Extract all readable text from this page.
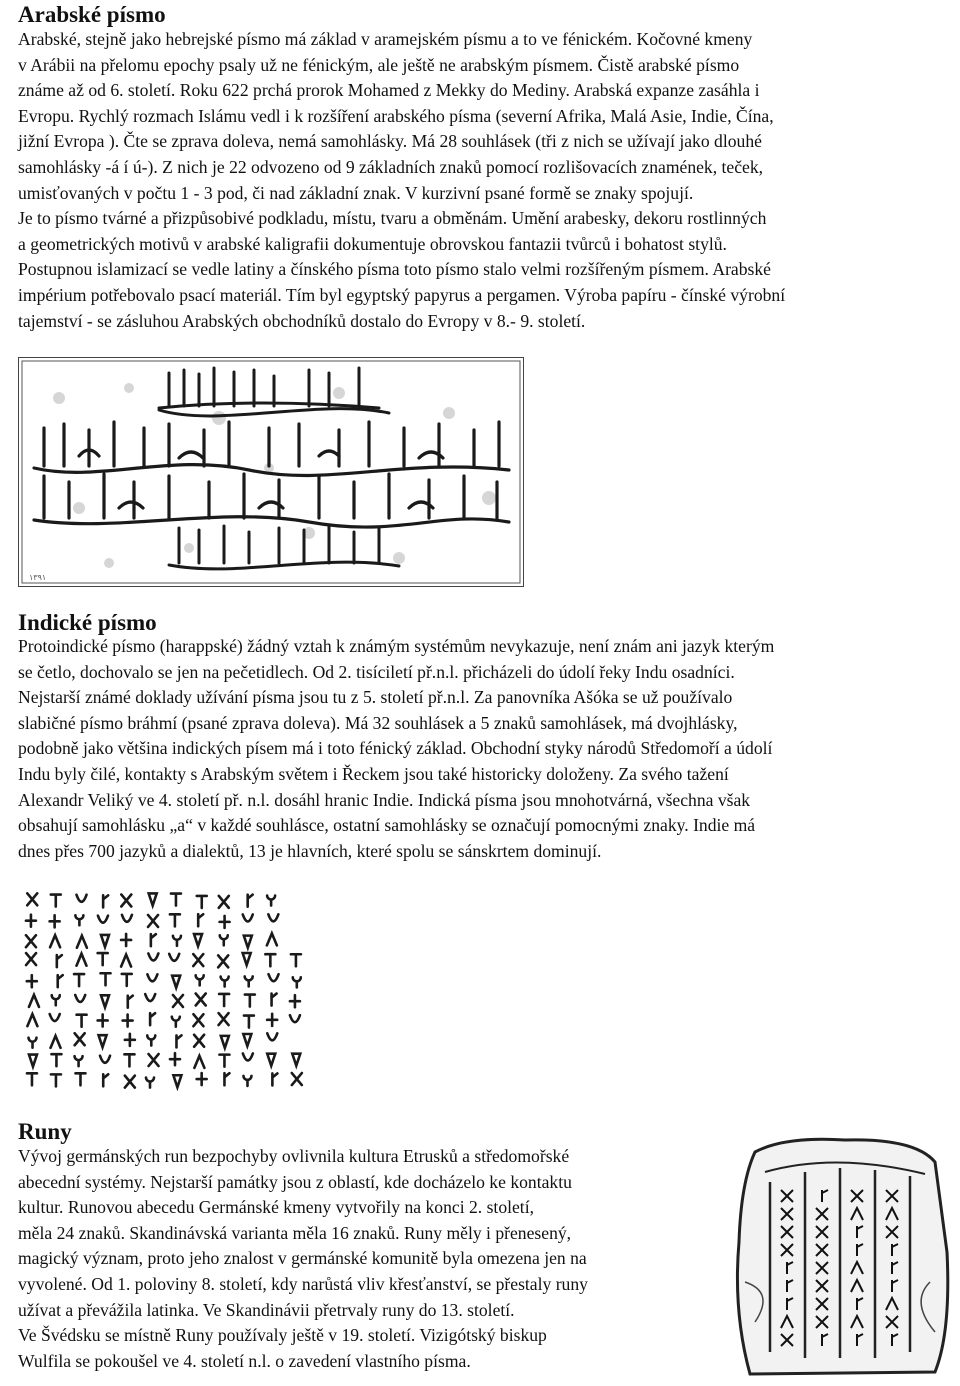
Arabské písmo
Arabské, stejně jako hebrejské písmo má základ v aramejském písmu a to ve fénickém. Kočovné kmeny
v Arábii na přelomu epochy psaly už ne fénickým, ale ještě ne arabským písmem. Čistě arabské písmo
známe až od 6. století. Roku 622 prchá prorok Mohamed z Mekky do Mediny. Arabská expanze zasáhla i
Evropu. Rychlý rozmach Islámu vedl i k rozšíření arabského písma (severní Afrika, Malá Asie, Indie, Čína,
jižní Evropa ). Čte se zprava doleva, nemá samohlásky. Má 28 souhlásek (tři z nich se užívají jako dlouhé
samohlásky -á í ú-). Z nich je 22 odvozeno od 9 základních znaků pomocí rozlišovacích znamének, teček,
umisťovaných v počtu 1 - 3 pod, či nad základní znak. V kurzivní psané formě se znaky spojují.
Je to písmo tvárné a přizpůsobivé podkladu, místu, tvaru a obměnám. Umění arabesky, dekoru rostlinných
a geometrických motivů v arabské kaligrafii dokumentuje obrovskou fantazii tvůrců i bohatost stylů.
Postupnou islamizací se vedle latiny a čínského písma toto písmo stalo velmi rozšířeným písmem. Arabské
impérium potřebovalo psací materiál. Tím byl egyptský papyrus a pergamen. Výroba papíru - čínské výrobní
tajemství - se zásluhou Arabských obchodníků dostalo do Evropy v 8.- 9. století.
۱۳۹۱
Indické písmo
Protoindické písmo (harappské) žádný vztah k známým systémům nevykazuje, není znám ani jazyk kterým
se četlo, dochovalo se jen na pečetidlech. Od 2. tisíciletí př.n.l. přicházeli do údolí řeky Indu osadníci.
Nejstarší známé doklady užívání písma jsou tu z 5. století př.n.l. Za panovníka Ašóka se už používalo
slabičné písmo bráhmí (psané zprava doleva). Má 32 souhlásek a 5 znaků samohlásek, má dvojhlásky,
podobně jako většina indických písem má i toto fénický základ. Obchodní styky národů Středomoří a údolí
Indu byly čilé, kontakty s Arabským světem i Řeckem jsou také historicky doloženy. Za svého tažení
Alexandr Veliký ve 4. století př. n.l. dosáhl hranic Indie. Indická písma jsou mnohotvárná, všechna však
obsahují samohlásku „a“ v každé souhlásce, ostatní samohlásky se označují pomocnými znaky. Indie má
dnes přes 700 jazyků a dialektů, 13 je hlavních, které spolu se sánskrtem dominují.
Runy
Vývoj germánských run bezpochyby ovlivnila kultura Etrusků a středomořské
abecední systémy. Nejstarší památky jsou z oblastí, kde docházelo ke kontaktu
kultur. Runovou abecedu Germánské kmeny vytvořily na konci 2. století,
měla 24 znaků. Skandinávská varianta měla 16 znaků. Runy měly i přenesený,
magický význam, proto jeho znalost v germánské komunitě byla omezena jen na
vyvolené. Od 1. poloviny 8. století, kdy narůstá vliv křesťanství, se přestaly runy
užívat a převážila latinka. Ve Skandinávii přetrvaly runy do 13. století.
Ve Švédsku se místně Runy používaly ještě v 19. století. Vizigótský biskup
Wulfila se pokoušel ve 4. století n.l. o zavedení vlastního písma.
